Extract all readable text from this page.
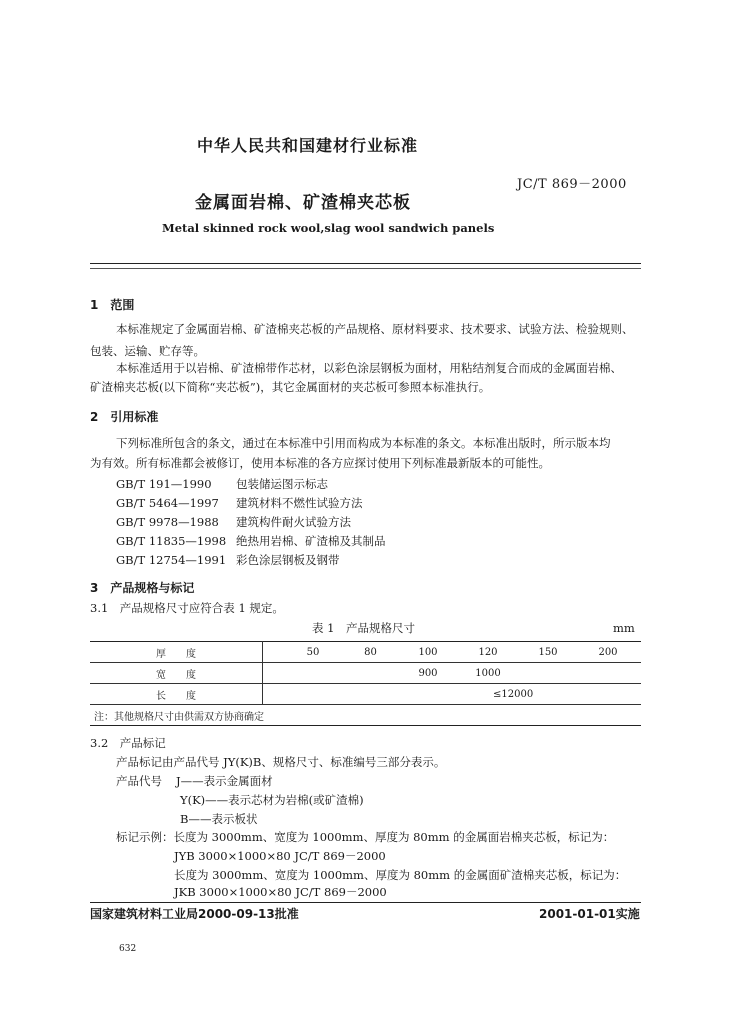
中华人民共和国建材行业标准
JC/T 869－2000
金属面岩棉、矿渣棉夹芯板
Metal skinned rock wool,slag wool sandwich panels
1　范围
本标准规定了金属面岩棉、矿渣棉夹芯板的产品规格、原材料要求、技术要求、试验方法、检验规则、
包装、运输、贮存等。
本标准适用于以岩棉、矿渣棉带作芯材，以彩色涂层钢板为面材，用粘结剂复合而成的金属面岩棉、
矿渣棉夹芯板(以下简称“夹芯板”)，其它金属面材的夹芯板可参照本标准执行。
2　引用标准
下列标准所包含的条文，通过在本标准中引用而构成为本标准的条文。本标准出版时，所示版本均
为有效。所有标准都会被修订，使用本标准的各方应探讨使用下列标准最新版本的可能性。
GB/T 191—1990 包装储运图示标志
GB/T 5464—1997 建筑材料不燃性试验方法
GB/T 9978—1988 建筑构件耐火试验方法
GB/T 11835—1998 绝热用岩棉、矿渣棉及其制品
GB/T 12754—1991 彩色涂层钢板及钢带
3　产品规格与标记
3.1　产品规格尺寸应符合表 1 规定。
表 1　产品规格尺寸	mm
厚　　度		50	80	100	120	150	200	
宽　　度				900	1000			
长　　度	≤12000							
注：其他规格尺寸由供需双方协商确定								
3.2　产品标记
产品标记由产品代号 JY(K)B、规格尺寸、标准编号三部分表示。
产品代号 J——表示金属面材
Y(K)——表示芯材为岩棉(或矿渣棉)
B——表示板状
标记示例：长度为 3000mm、宽度为 1000mm、厚度为 80mm 的金属面岩棉夹芯板，标记为：
JYB 3000×1000×80 JC/T 869－2000
长度为 3000mm、宽度为 1000mm、厚度为 80mm 的金属面矿渣棉夹芯板，标记为：
JKB 3000×1000×80 JC/T 869－2000
国家建筑材料工业局2000-09-13批准	2001-01-01实施
632
